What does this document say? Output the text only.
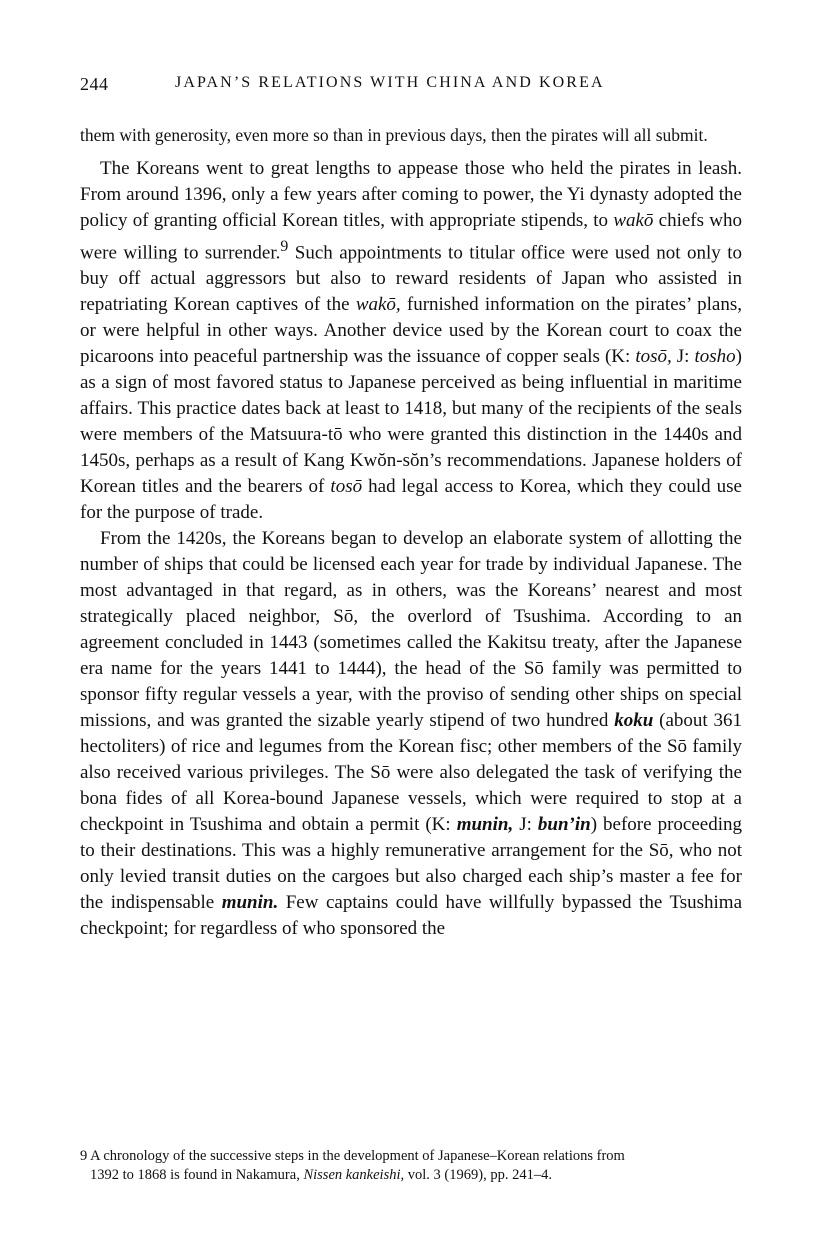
244	JAPAN’S RELATIONS WITH CHINA AND KOREA

them with generosity, even more so than in previous days, then the pirates will all submit.

The Koreans went to great lengths to appease those who held the pirates in leash. From around 1396, only a few years after coming to power, the Yi dynasty adopted the policy of granting official Korean titles, with appropriate stipends, to wakō chiefs who were willing to surrender.$^9$ Such appointments to titular office were used not only to buy off actual aggressors but also to reward residents of Japan who assisted in repatriating Korean captives of the wakō, furnished information on the pirates’ plans, or were helpful in other ways. Another device used by the Korean court to coax the picaroons into peaceful partnership was the issuance of copper seals (K: tosō, J: tosho) as a sign of most favored status to Japanese perceived as being influential in maritime affairs. This practice dates back at least to 1418, but many of the recipients of the seals were members of the Matsuura-tō who were granted this distinction in the 1440s and 1450s, perhaps as a result of Kang Kwŏn-sŏn’s recommendations. Japanese holders of Korean titles and the bearers of tosō had legal access to Korea, which they could use for the purpose of trade.

From the 1420s, the Koreans began to develop an elaborate system of allotting the number of ships that could be licensed each year for trade by individual Japanese. The most advantaged in that regard, as in others, was the Koreans’ nearest and most strategically placed neighbor, Sō, the overlord of Tsushima. According to an agreement concluded in 1443 (sometimes called the Kakitsu treaty, after the Japanese era name for the years 1441 to 1444), the head of the Sō family was permitted to sponsor fifty regular vessels a year, with the proviso of sending other ships on special missions, and was granted the sizable yearly stipend of two hundred koku (about 361 hectoliters) of rice and legumes from the Korean fisc; other members of the Sō family also received various privileges. The Sō were also delegated the task of verifying the bona fides of all Korea-bound Japanese vessels, which were required to stop at a checkpoint in Tsushima and obtain a permit (K: munin, J: bun’in) before proceeding to their destinations. This was a highly remunerative arrangement for the Sō, who not only levied transit duties on the cargoes but also charged each ship’s master a fee for the indispensable munin. Few captains could have willfully bypassed the Tsushima checkpoint; for regardless of who sponsored the

9 A chronology of the successive steps in the development of Japanese–Korean relations from
1392 to 1868 is found in Nakamura, Nissen kankeishi, vol. 3 (1969), pp. 241–4.
